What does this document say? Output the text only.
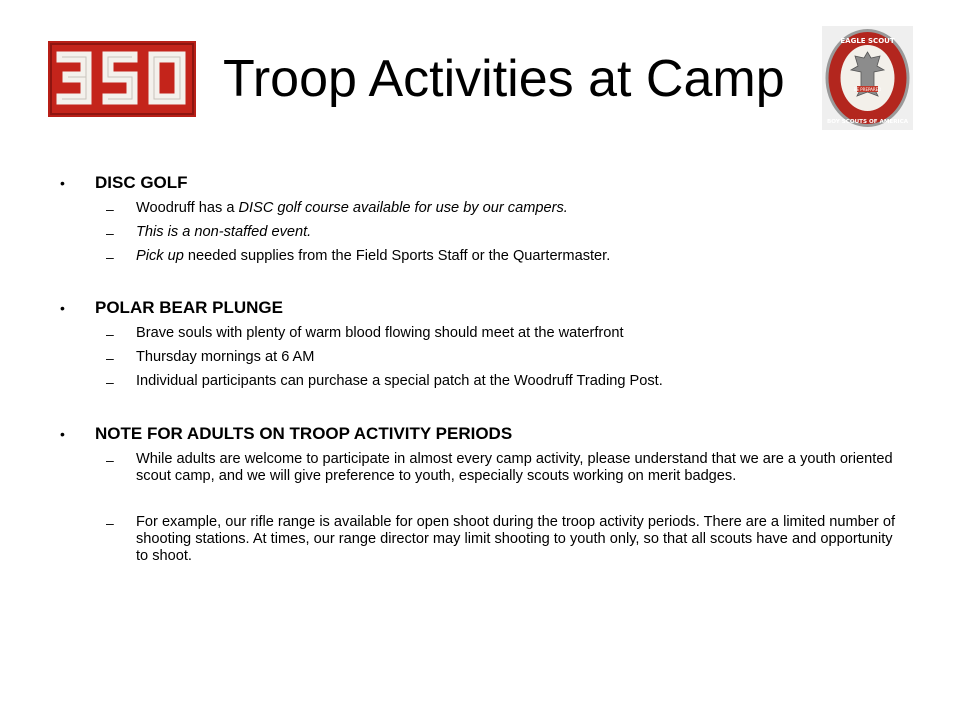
Troop Activities at Camp	BE PREPARED
EAGLE SCOUT
BOY SCOUTS OF AMERICA
• DISC GOLF
– Woodruff has a DISC golf course available for use by our campers.
– This is a non-staffed event.
– Pick up needed supplies from the Field Sports Staff or the Quartermaster.
• POLAR BEAR PLUNGE
– Brave souls with plenty of warm blood flowing should meet at the waterfront
– Thursday mornings at 6 AM
– Individual participants can purchase a special patch at the Woodruff Trading Post.
• NOTE FOR ADULTS ON TROOP ACTIVITY PERIODS
– While adults are welcome to participate in almost every camp activity, please understand that we are a youth oriented scout camp, and we will give preference to youth, especially scouts working on merit badges.
– For example, our rifle range is available for open shoot during the troop activity periods. There are a limited number of shooting stations. At times, our range director may limit shooting to youth only, so that all scouts have and opportunity to shoot.
